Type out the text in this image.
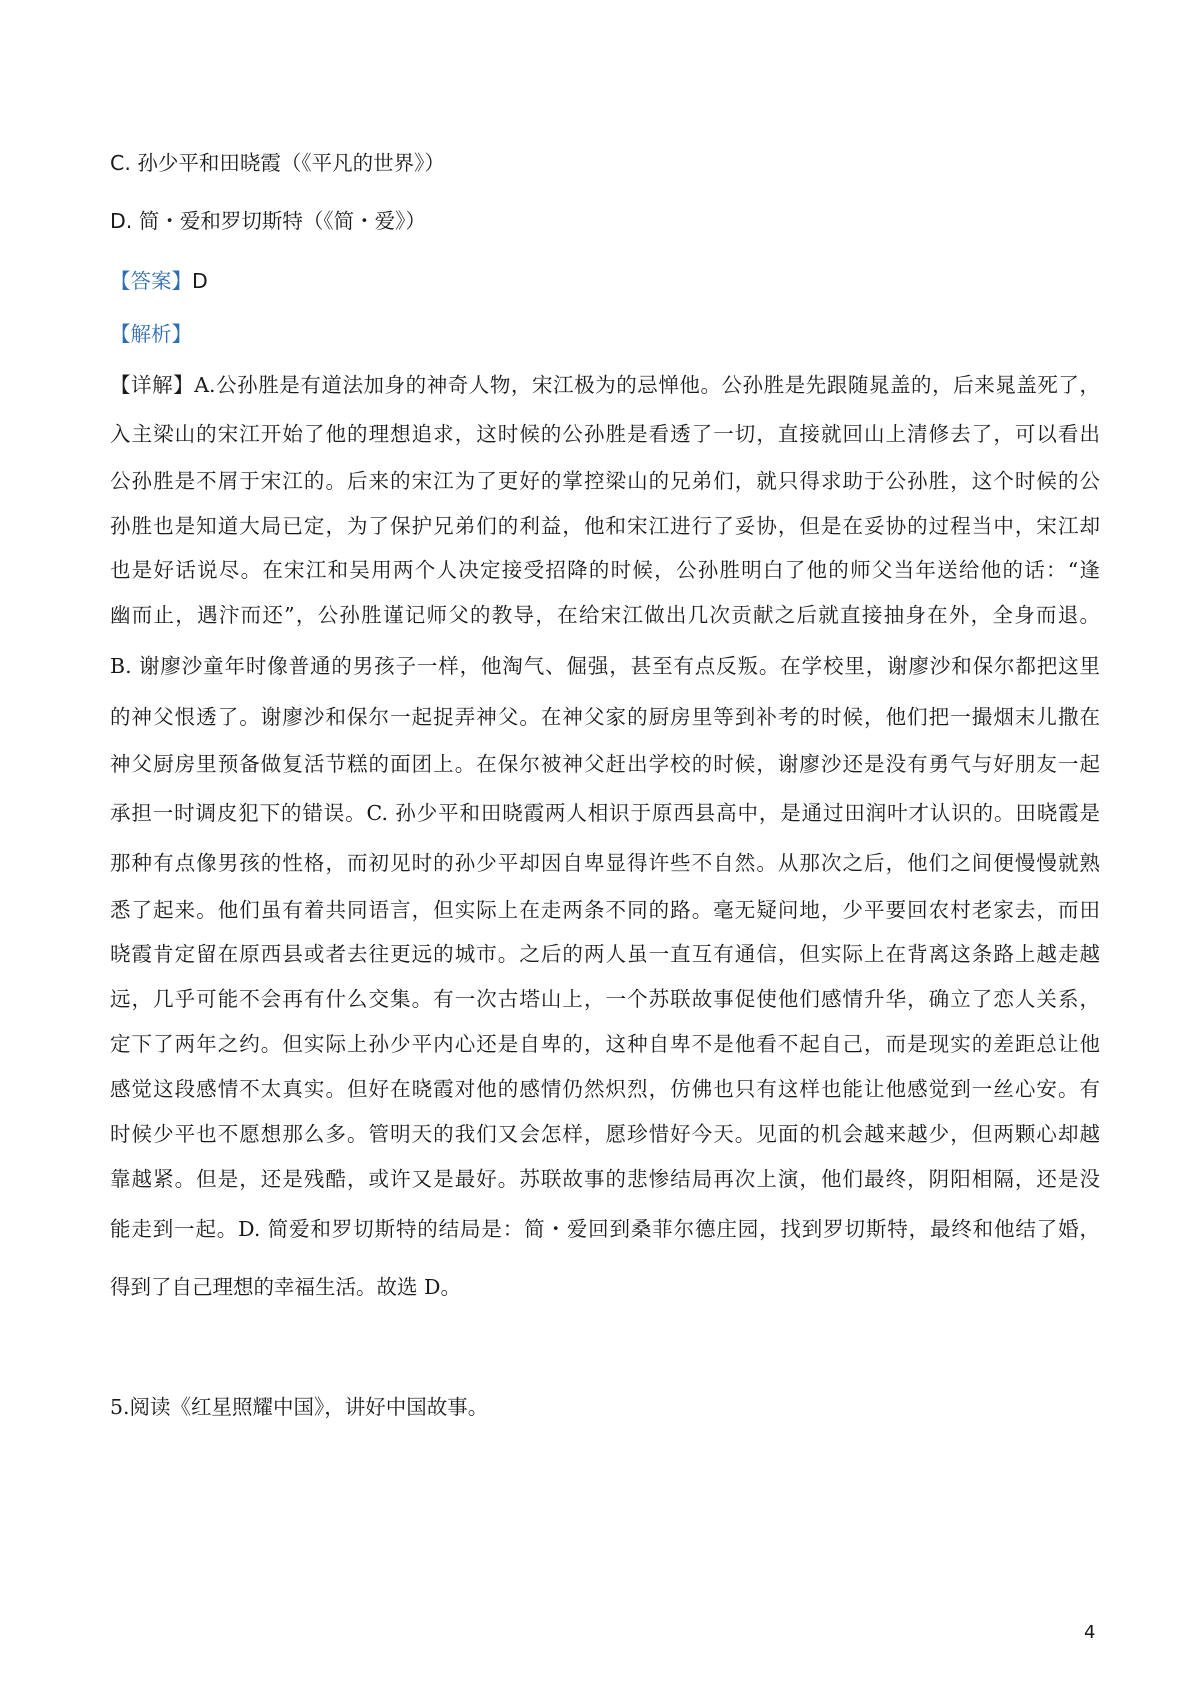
C. 孙少平和田晓霞（《平凡的世界》）
D. 简・爱和罗切斯特（《简・爱》）
【答案】D
【解析】
【详解】A.公孙胜是有道法加身的神奇人物，宋江极为的忌惮他。公孙胜是先跟随晁盖的，后来晁盖死了，
入主梁山的宋江开始了他的理想追求，这时候的公孙胜是看透了一切，直接就回山上清修去了，可以看出
公孙胜是不屑于宋江的。后来的宋江为了更好的掌控梁山的兄弟们，就只得求助于公孙胜，这个时候的公
孙胜也是知道大局已定，为了保护兄弟们的利益，他和宋江进行了妥协，但是在妥协的过程当中，宋江却
也是好话说尽。在宋江和吴用两个人决定接受招降的时候，公孙胜明白了他的师父当年送给他的话：“逢
幽而止，遇汴而还”，公孙胜谨记师父的教导，在给宋江做出几次贡献之后就直接抽身在外，全身而退。
B. 谢廖沙童年时像普通的男孩子一样，他淘气、倔强，甚至有点反叛。在学校里，谢廖沙和保尔都把这里
的神父恨透了。谢廖沙和保尔一起捉弄神父。在神父家的厨房里等到补考的时候，他们把一撮烟末儿撒在
神父厨房里预备做复活节糕的面团上。在保尔被神父赶出学校的时候，谢廖沙还是没有勇气与好朋友一起
承担一时调皮犯下的错误。C. 孙少平和田晓霞两人相识于原西县高中，是通过田润叶才认识的。田晓霞是
那种有点像男孩的性格，而初见时的孙少平却因自卑显得许些不自然。从那次之后，他们之间便慢慢就熟
悉了起来。他们虽有着共同语言，但实际上在走两条不同的路。毫无疑问地，少平要回农村老家去，而田
晓霞肯定留在原西县或者去往更远的城市。之后的两人虽一直互有通信，但实际上在背离这条路上越走越
远，几乎可能不会再有什么交集。有一次古塔山上，一个苏联故事促使他们感情升华，确立了恋人关系，
定下了两年之约。但实际上孙少平内心还是自卑的，这种自卑不是他看不起自己，而是现实的差距总让他
感觉这段感情不太真实。但好在晓霞对他的感情仍然炽烈，仿佛也只有这样也能让他感觉到一丝心安。有
时候少平也不愿想那么多。管明天的我们又会怎样，愿珍惜好今天。见面的机会越来越少，但两颗心却越
靠越紧。但是，还是残酷，或许又是最好。苏联故事的悲惨结局再次上演，他们最终，阴阳相隔，还是没
能走到一起。D. 简爱和罗切斯特的结局是：简・爱回到桑菲尔德庄园，找到罗切斯特，最终和他结了婚，
得到了自己理想的幸福生活。故选 D。
5.阅读《红星照耀中国》，讲好中国故事。
4
